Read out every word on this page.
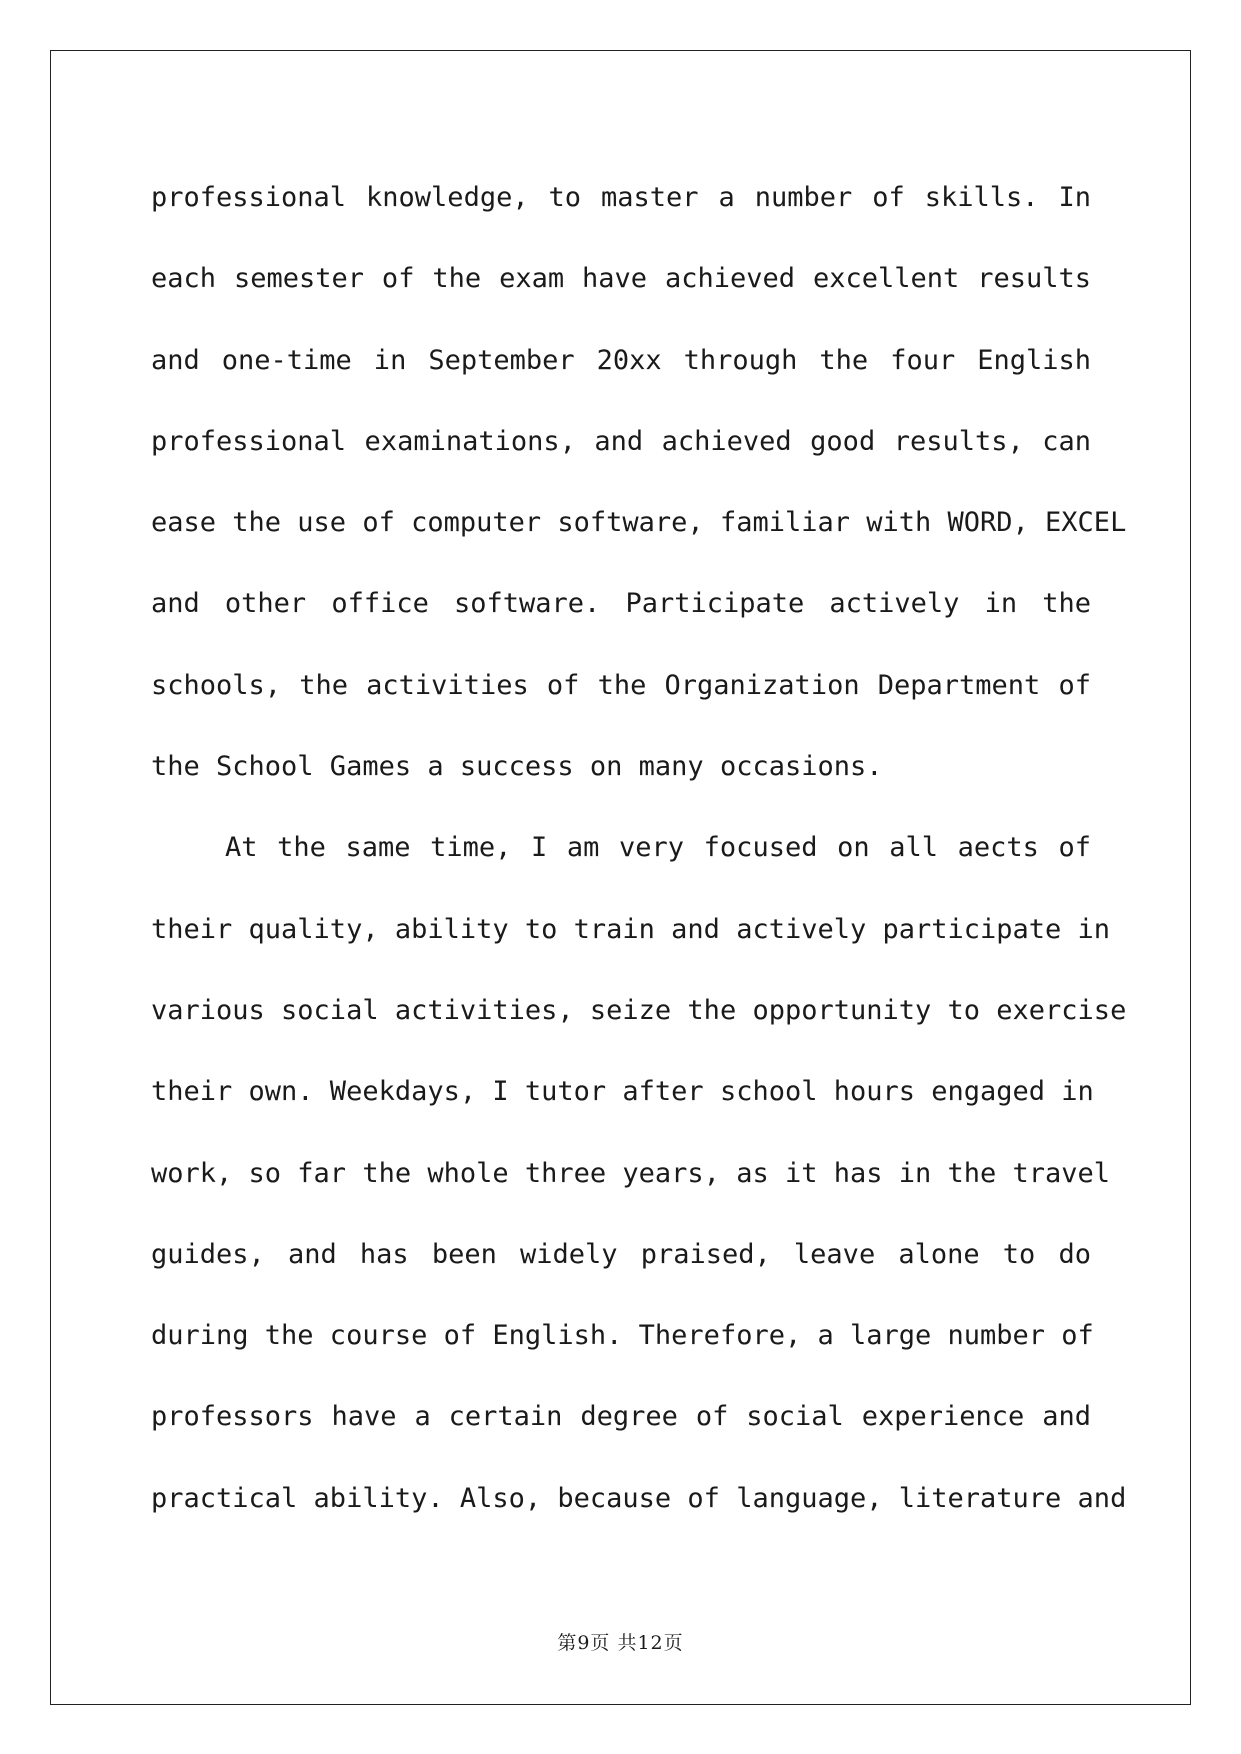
professional knowledge, to master a number of skills. In
each semester of the exam have achieved excellent results
and one-time in September 20xx through the four English
professional examinations, and achieved good results, can
ease the use of computer software, familiar with WORD, EXCEL
and other office software. Participate actively in the
schools, the activities of the Organization Department of
the School Games a success on many occasions.
At the same time, I am very focused on all aects of
their quality, ability to train and actively participate in
various social activities, seize the opportunity to exercise
their own. Weekdays, I tutor after school hours engaged in
work, so far the whole three years, as it has in the travel
guides, and has been widely praised, leave alone to do
during the course of English. Therefore, a large number of
professors have a certain degree of social experience and
practical ability. Also, because of language, literature and
第9页 共12页
